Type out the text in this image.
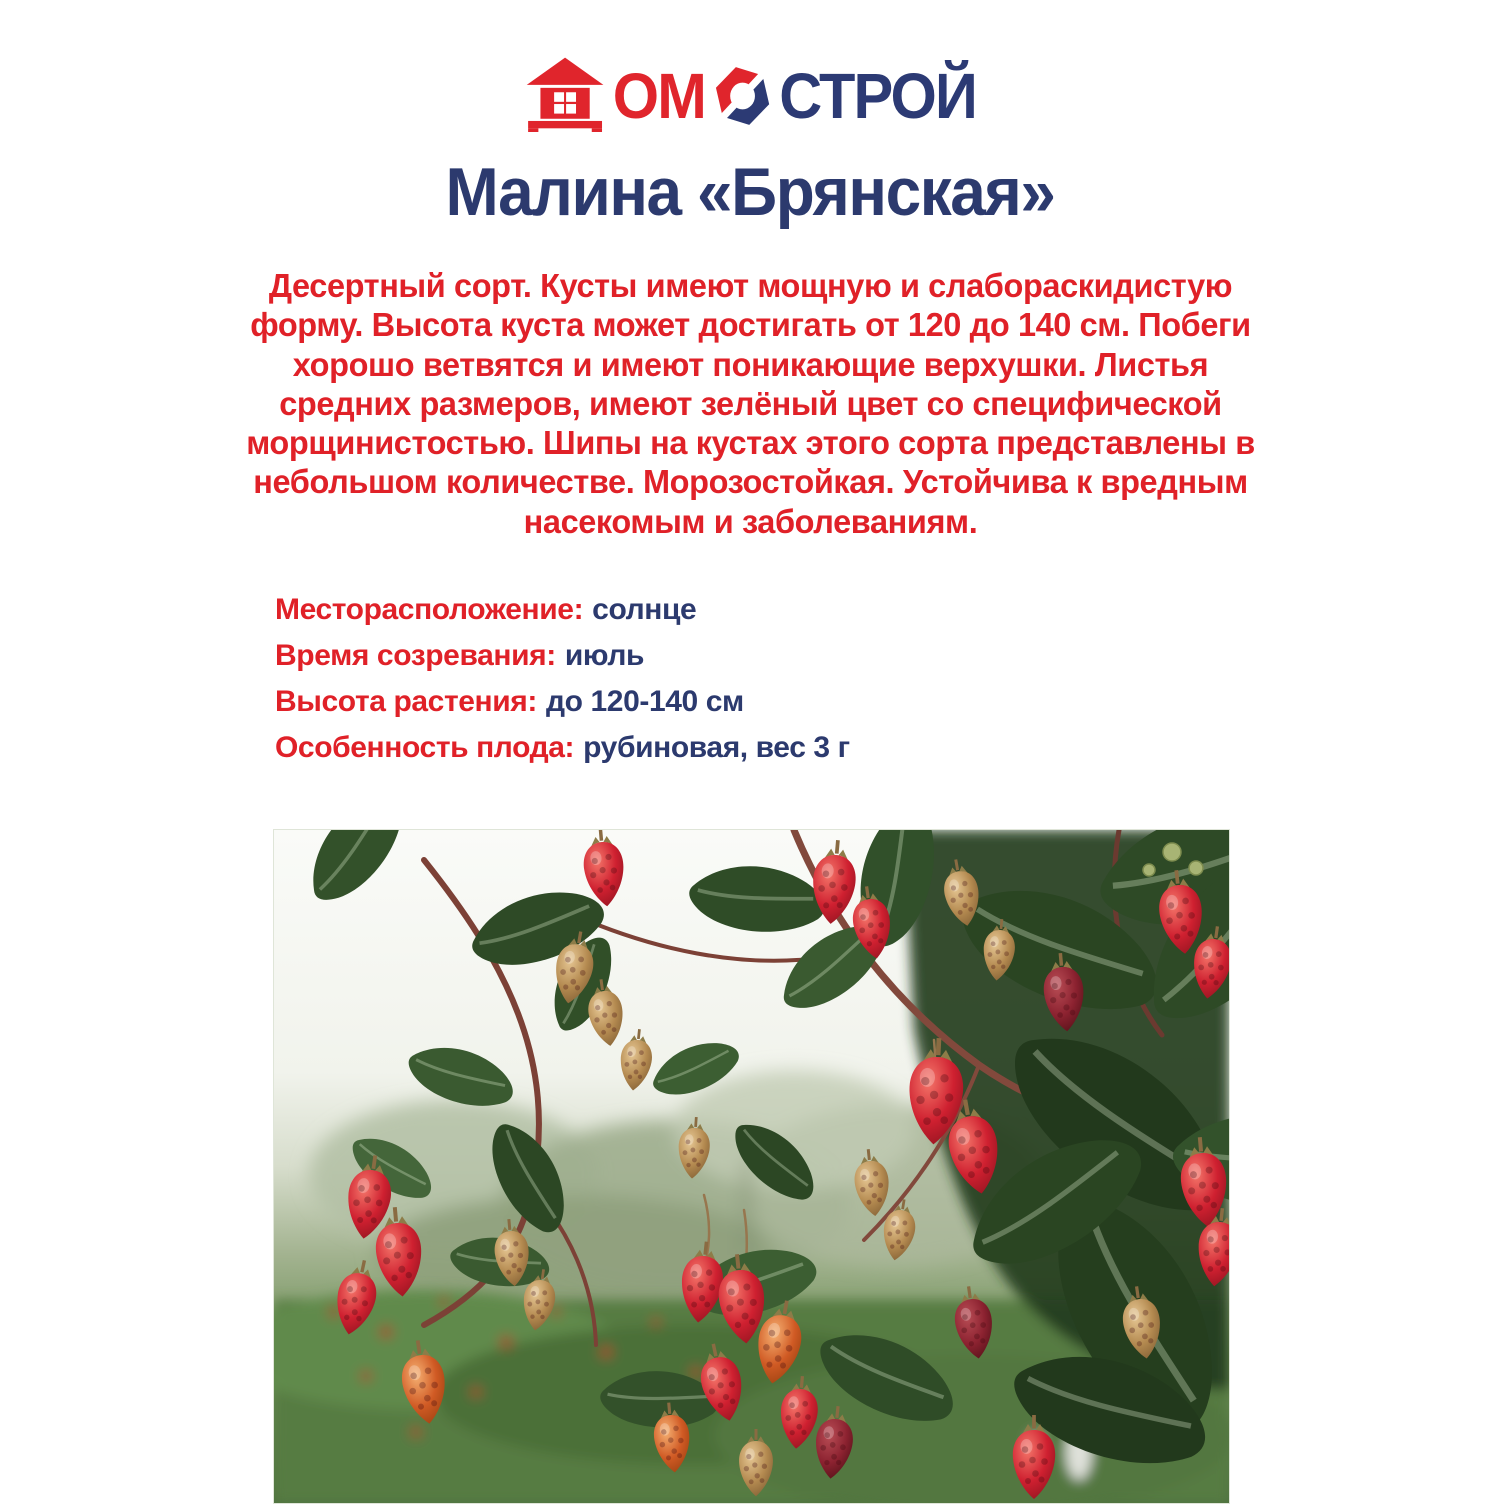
ОМ СТРОЙ
Малина «Брянская»

Десертный сорт. Кусты имеют мощную и слабораскидистую форму. Высота куста может достигать от 120 до 140 см. Побеги хорошо ветвятся и имеют поникающие верхушки. Листья средних размеров, имеют зелёный цвет со специфической морщинистостью. Шипы на кустах этого сорта представлены в небольшом количестве. Морозостойкая. Устойчива к вредным насекомым и заболеваниям.

Месторасположение: солнце
Время созревания: июль
Высота растения: до 120-140 см
Особенность плода: рубиновая, вес 3 г
